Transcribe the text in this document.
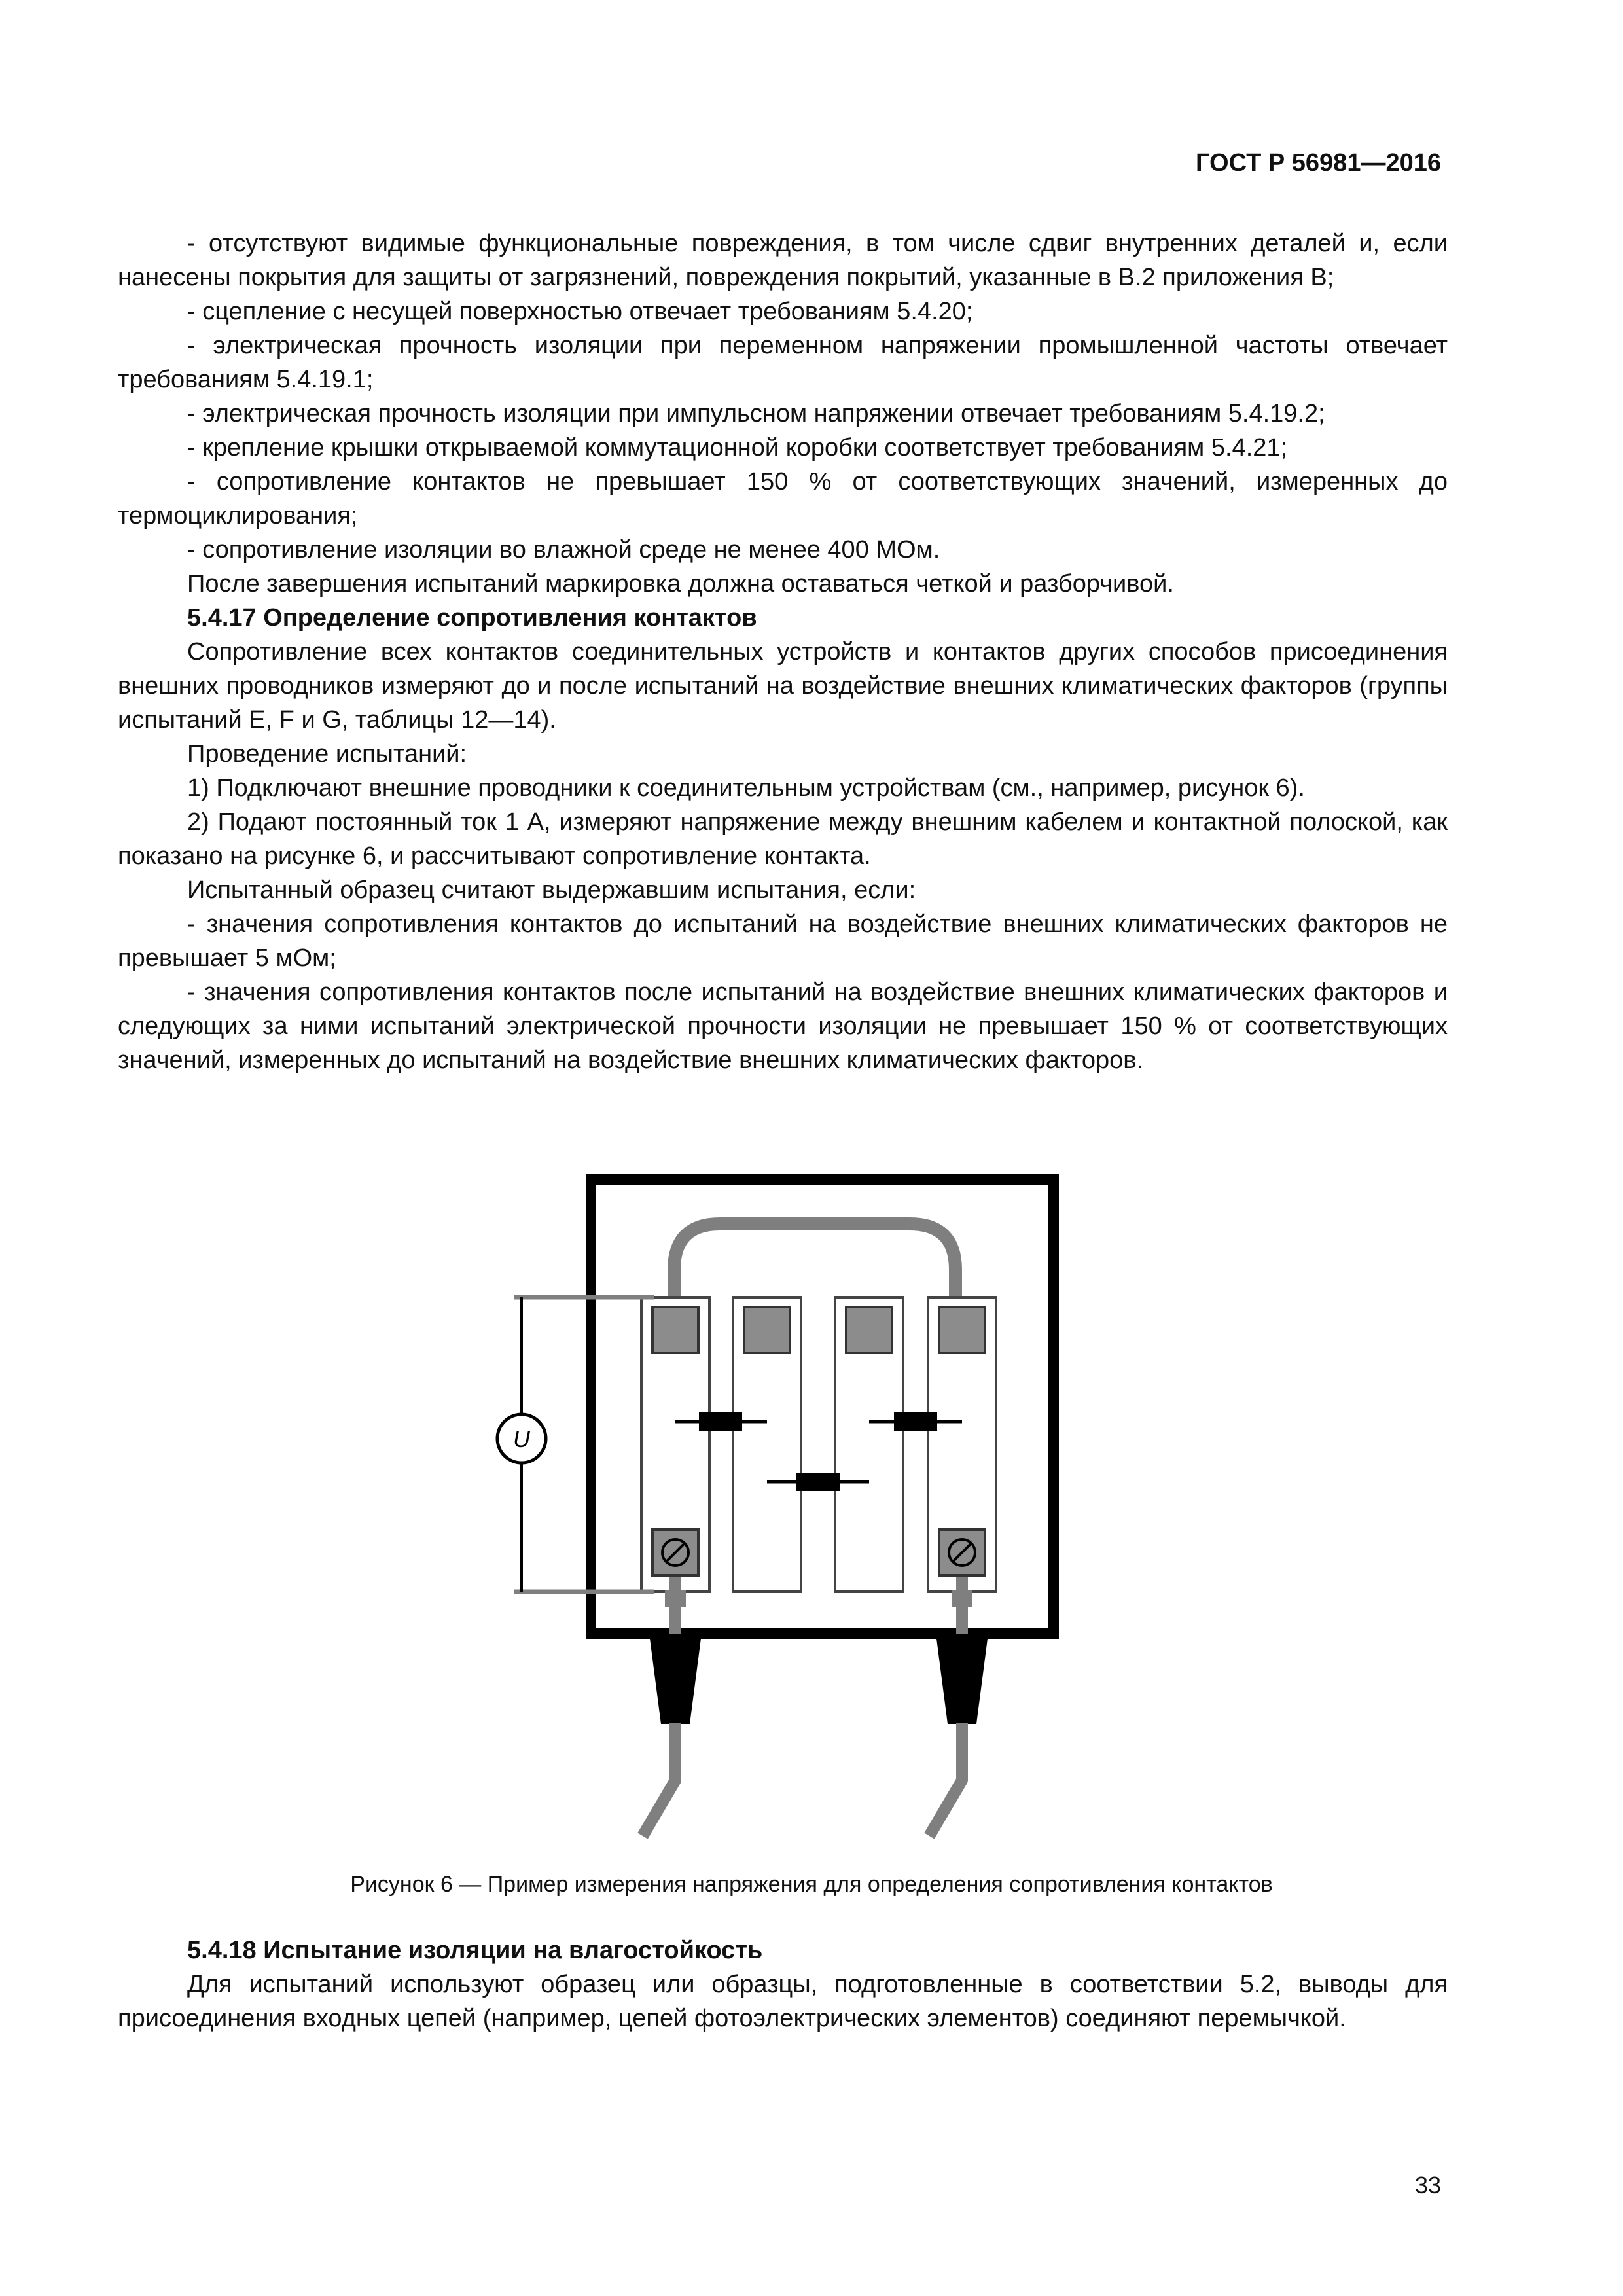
ГОСТ Р 56981—2016

- отсутствуют видимые функциональные повреждения, в том числе сдвиг внутренних деталей и, если нанесены покрытия для защиты от загрязнений, повреждения покрытий, указанные в В.2 приложения В;

- сцепление с несущей поверхностью отвечает требованиям 5.4.20;

- электрическая прочность изоляции при переменном напряжении промышленной частоты отвечает требованиям 5.4.19.1;

- электрическая прочность изоляции при импульсном напряжении отвечает требованиям 5.4.19.2;

- крепление крышки открываемой коммутационной коробки соответствует требованиям 5.4.21;

- сопротивление контактов не превышает 150 % от соответствующих значений, измеренных до термоциклирования;

- сопротивление изоляции во влажной среде не менее 400 МОм.

После завершения испытаний маркировка должна оставаться четкой и разборчивой.

5.4.17 Определение сопротивления контактов

Сопротивление всех контактов соединительных устройств и контактов других способов присоединения внешних проводников измеряют до и после испытаний на воздействие внешних климатических факторов (группы испытаний E, F и G, таблицы 12—14).

Проведение испытаний:

1) Подключают внешние проводники к соединительным устройствам (см., например, рисунок 6).

2) Подают постоянный ток 1 А, измеряют напряжение между внешним кабелем и контактной полоской, как показано на рисунке 6, и рассчитывают сопротивление контакта.

Испытанный образец считают выдержавшим испытания, если:

- значения сопротивления контактов до испытаний на воздействие внешних климатических факторов не превышает 5 мОм;

- значения сопротивления контактов после испытаний на воздействие внешних климатических факторов и следующих за ними испытаний электрической прочности изоляции не превышает 150 % от соответствующих значений, измеренных до испытаний на воздействие внешних климатических факторов.

U
Рисунок 6 — Пример измерения напряжения для определения сопротивления контактов

5.4.18 Испытание изоляции на влагостойкость

Для испытаний используют образец или образцы, подготовленные в соответствии 5.2, выводы для присоединения входных цепей (например, цепей фотоэлектрических элементов) соединяют перемычкой.

33
